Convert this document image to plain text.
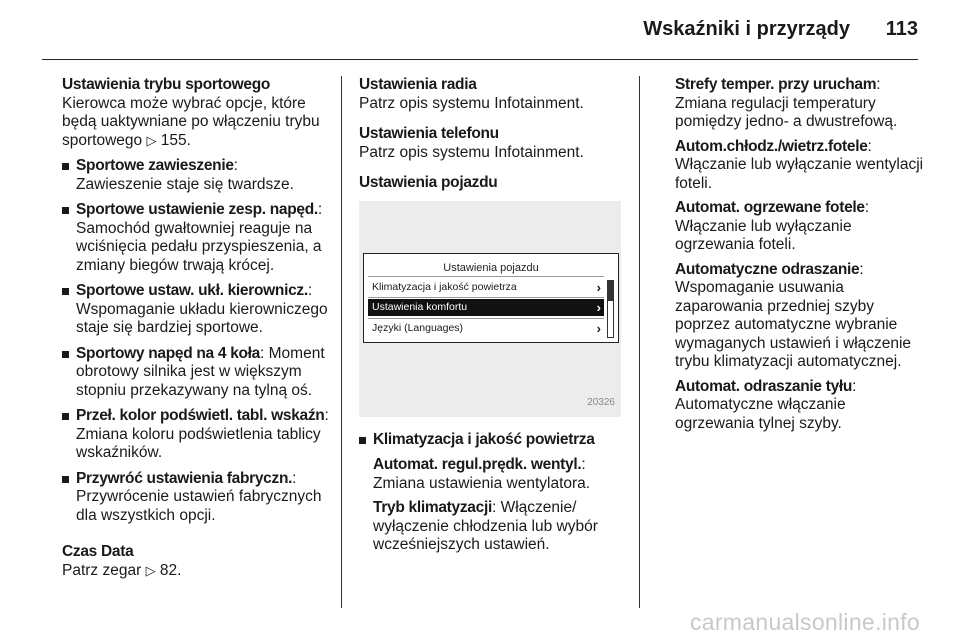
Wskaźniki i przyrządy 113
Ustawienia trybu sportowego
Kierowca może wybrać opcje, które będą uaktywniane po włączeniu trybu sportowego ▷ 155.
Sportowe zawieszenie:
Zawieszenie staje się twardsze.
Sportowe ustawienie zesp. napęd.: Samochód gwałtowniej reaguje na wciśnięcia pedału przyspieszenia, a zmiany biegów trwają krócej.
Sportowe ustaw. ukł. kierownicz.:
Wspomaganie układu kierowniczego staje się bardziej sportowe.
Sportowy napęd na 4 koła: Moment obrotowy silnika jest w większym stopniu przekazywany na tylną oś.
Przeł. kolor podświetl. tabl. wskaźn: Zmiana koloru podświetlenia tablicy wskaźników.
Przywróć ustawienia fabryczn.:
Przywrócenie ustawień fabrycznych dla wszystkich opcji.
Czas Data
Patrz zegar ▷ 82.
Ustawienia radia
Patrz opis systemu Infotainment.
Ustawienia telefonu
Patrz opis systemu Infotainment.
Ustawienia pojazdu
Ustawienia pojazdu
Klimatyzacja i jakość powietrza	›
Ustawienia komfortu	›
Języki (Languages)	›
20326
Klimatyzacja i jakość powietrza
Automat. regul.prędk. wentyl.:
Zmiana ustawienia wentylatora.
Tryb klimatyzacji: Włączenie/ wyłączenie chłodzenia lub wybór wcześniejszych ustawień.
Strefy temper. przy urucham:
Zmiana regulacji temperatury pomiędzy jedno- a dwustrefową.
Autom.chłodz./wietrz.fotele:
Włączanie lub wyłączanie wentylacji foteli.
Automat. ogrzewane fotele:
Włączanie lub wyłączanie ogrzewania foteli.
Automatyczne odraszanie:
Wspomaganie usuwania zaparowania przedniej szyby poprzez automatyczne wybranie wymaganych ustawień i włączenie trybu klimatyzacji automatycznej.
Automat. odraszanie tyłu:
Automatyczne włączanie ogrzewania tylnej szyby.
carmanualsonline.info
